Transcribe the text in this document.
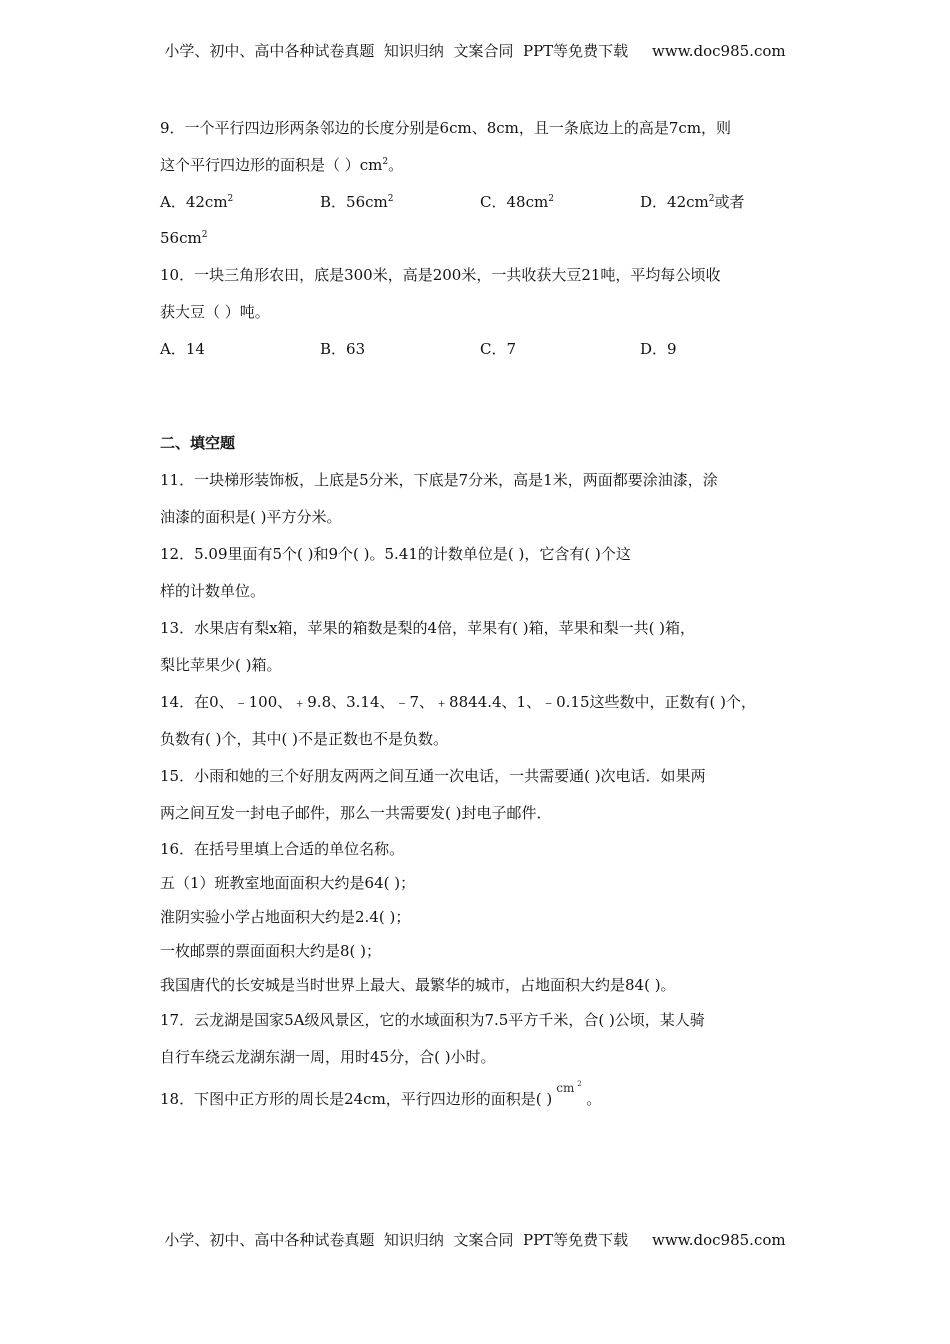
小学、初中、高中各种试卷真题  知识归纳  文案合同  PPT等免费下载     www.doc985.com
9．一个平行四边形两条邻边的长度分别是6cm、8cm，且一条底边上的高是7cm，则
这个平行四边形的面积是（ ）$cm^2$。
A．$42cm^2$	B．$56cm^2$	C．$48cm^2$	D．$42cm^2$或者
$56cm^2$
10．一块三角形农田，底是300米，高是200米，一共收获大豆21吨，平均每公顷收
获大豆（ ）吨。
A．14	B．63	C．7	D．9
二、填空题
11．一块梯形装饰板，上底是5分米，下底是7分米，高是1米，两面都要涂油漆，涂
油漆的面积是( )平方分米。
12．5.09里面有5个( )和9个( )。5.41的计数单位是( )，它含有( )个这
样的计数单位。
13．水果店有梨x箱，苹果的箱数是梨的4倍，苹果有( )箱，苹果和梨一共( )箱，
梨比苹果少( )箱。
14．在0、﹣100、﹢9.8、3.14、﹣7、﹢8844.4、1、﹣0.15这些数中，正数有( )个，
负数有( )个，其中( )不是正数也不是负数。
15．小雨和她的三个好朋友两两之间互通一次电话，一共需要通( )次电话．如果两
两之间互发一封电子邮件，那么一共需要发( )封电子邮件．
16．在括号里填上合适的单位名称。
五（1）班教室地面面积大约是64( )；
淮阴实验小学占地面积大约是2.4( )；
一枚邮票的票面面积大约是8( )；
我国唐代的长安城是当时世界上最大、最繁华的城市，占地面积大约是84( )。
17．云龙湖是国家5A级风景区，它的水域面积为7.5平方千米，合( )公顷，某人骑
自行车绕云龙湖东湖一周，用时45分，合( )小时。
18．下图中正方形的周长是24cm，平行四边形的面积是( )
cm 2
。
小学、初中、高中各种试卷真题  知识归纳  文案合同  PPT等免费下载     www.doc985.com
